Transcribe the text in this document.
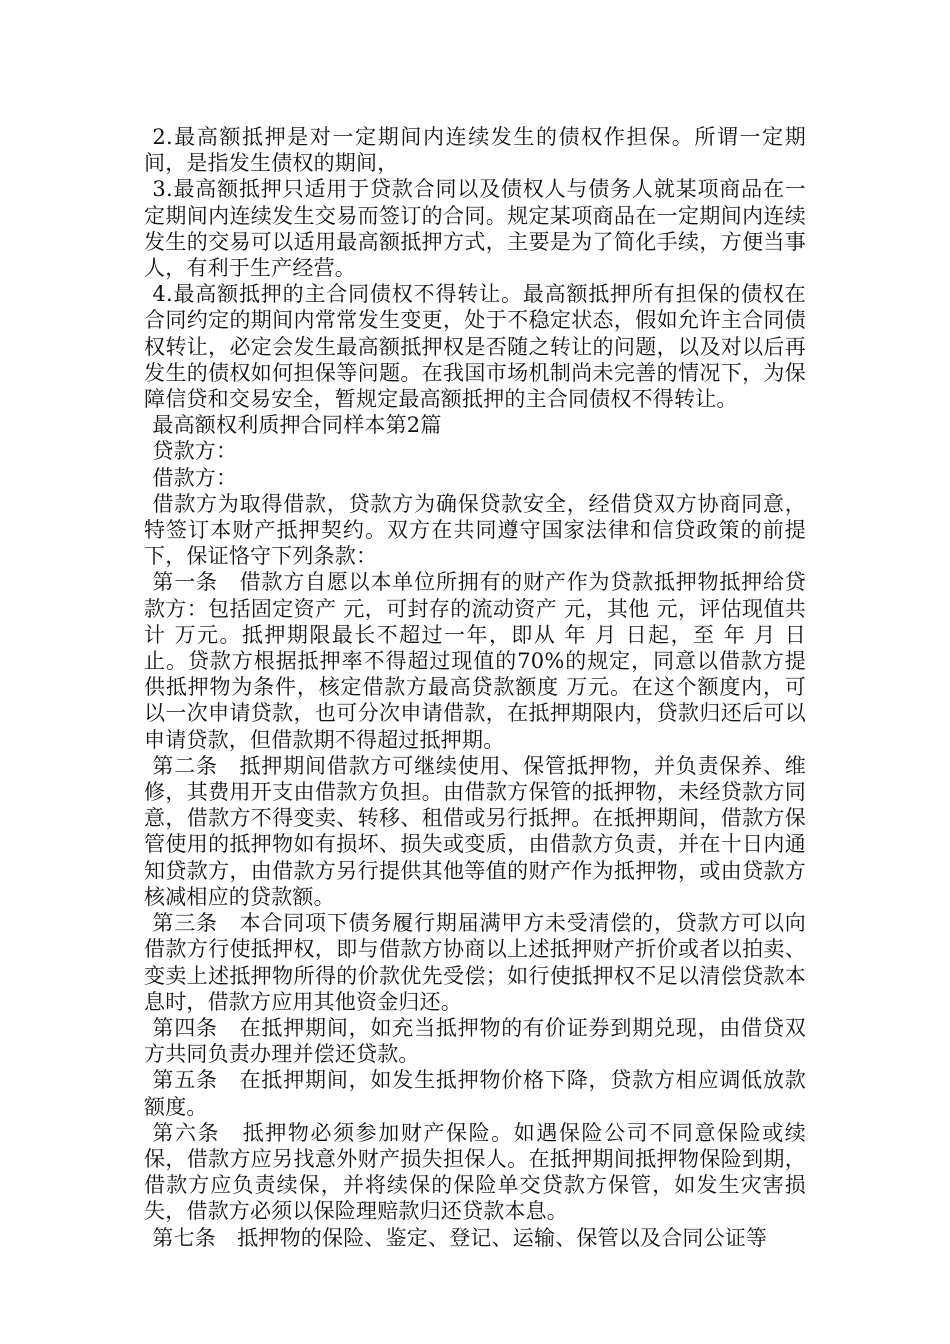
2.最高额抵押是对一定期间内连续发生的债权作担保。所谓一定期间，是指发生债权的期间，

3.最高额抵押只适用于贷款合同以及债权人与债务人就某项商品在一定期间内连续发生交易而签订的合同。规定某项商品在一定期间内连续发生的交易可以适用最高额抵押方式，主要是为了简化手续，方便当事人，有利于生产经营。

4.最高额抵押的主合同债权不得转让。最高额抵押所有担保的债权在合同约定的期间内常常发生变更，处于不稳定状态，假如允许主合同债权转让，必定会发生最高额抵押权是否随之转让的问题，以及对以后再发生的债权如何担保等问题。在我国市场机制尚未完善的情况下，为保障信贷和交易安全，暂规定最高额抵押的主合同债权不得转让。

最高额权利质押合同样本第2篇

贷款方：

借款方：

借款方为取得借款，贷款方为确保贷款安全，经借贷双方协商同意，特签订本财产抵押契约。双方在共同遵守国家法律和信贷政策的前提下，保证恪守下列条款：

第一条　借款方自愿以本单位所拥有的财产作为贷款抵押物抵押给贷款方：包括固定资产 元，可封存的流动资产 元，其他 元，评估现值共计 万元。抵押期限最长不超过一年，即从 年 月 日起，至 年 月 日止。贷款方根据抵押率不得超过现值的70%的规定，同意以借款方提供抵押物为条件，核定借款方最高贷款额度 万元。在这个额度内，可以一次申请贷款，也可分次申请借款，在抵押期限内，贷款归还后可以申请贷款，但借款期不得超过抵押期。

第二条　抵押期间借款方可继续使用、保管抵押物，并负责保养、维修，其费用开支由借款方负担。由借款方保管的抵押物，未经贷款方同意，借款方不得变卖、转移、租借或另行抵押。在抵押期间，借款方保管使用的抵押物如有损坏、损失或变质，由借款方负责，并在十日内通知贷款方，由借款方另行提供其他等值的财产作为抵押物，或由贷款方核减相应的贷款额。

第三条　本合同项下债务履行期届满甲方未受清偿的，贷款方可以向借款方行使抵押权，即与借款方协商以上述抵押财产折价或者以拍卖、变卖上述抵押物所得的价款优先受偿；如行使抵押权不足以清偿贷款本息时，借款方应用其他资金归还。

第四条　在抵押期间，如充当抵押物的有价证券到期兑现，由借贷双方共同负责办理并偿还贷款。

第五条　在抵押期间，如发生抵押物价格下降，贷款方相应调低放款额度。

第六条　抵押物必须参加财产保险。如遇保险公司不同意保险或续保，借款方应另找意外财产损失担保人。在抵押期间抵押物保险到期，借款方应负责续保，并将续保的保险单交贷款方保管，如发生灾害损失，借款方必须以保险理赔款归还贷款本息。

第七条　抵押物的保险、鉴定、登记、运输、保管以及合同公证等
